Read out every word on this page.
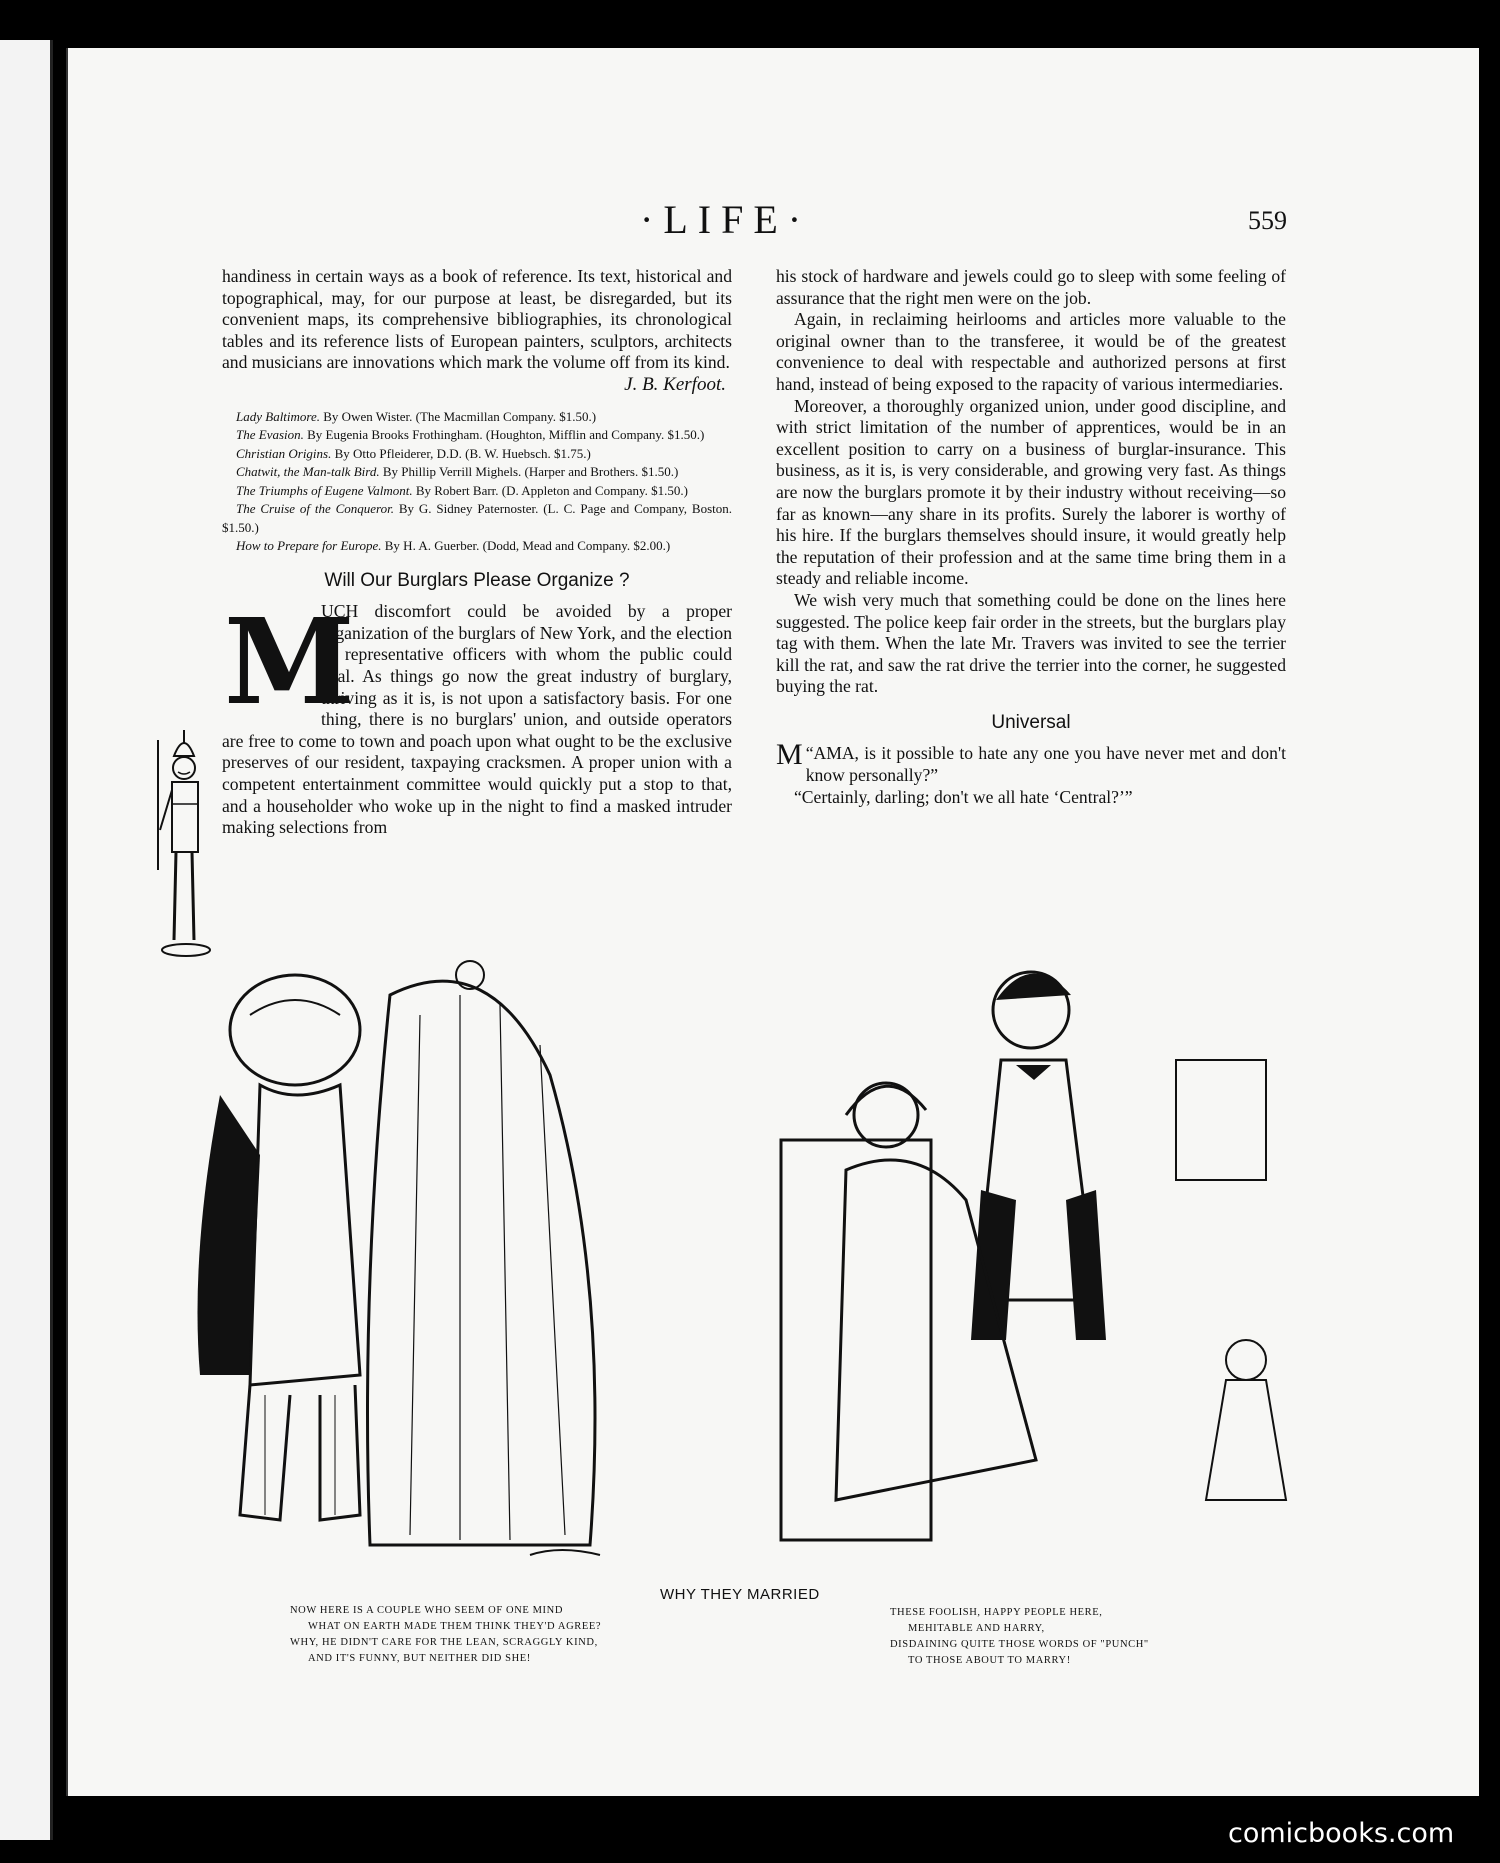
·LIFE·	559

handiness in certain ways as a book of reference. Its text, historical and topographical, may, for our purpose at least, be disregarded, but its convenient maps, its comprehensive bibliographies, its chronological tables and its reference lists of European painters, sculptors, architects and musicians are innovations which mark the volume off from its kind.

J. B. Kerfoot.

Lady Baltimore. By Owen Wister. (The Macmillan Company. $1.50.)
The Evasion. By Eugenia Brooks Frothingham. (Houghton, Mifflin and Company. $1.50.)
Christian Origins. By Otto Pfleiderer, D.D. (B. W. Huebsch. $1.75.)
Chatwit, the Man-talk Bird. By Phillip Verrill Mighels. (Harper and Brothers. $1.50.)
The Triumphs of Eugene Valmont. By Robert Barr. (D. Appleton and Company. $1.50.)
The Cruise of the Conqueror. By G. Sidney Paternoster. (L. C. Page and Company, Boston. $1.50.)
How to Prepare for Europe. By H. A. Guerber. (Dodd, Mead and Company. $2.00.)
Will Our Burglars Please Organize ?
M

UCH discomfort could be avoided by a proper organization of the burglars of New York, and the election of representative officers with whom the public could deal. As things go now the great industry of burglary, thriving as it is, is not upon a satisfactory basis. For one thing, there is no burglars' union, and outside operators are free to come to town and poach upon what ought to be the exclusive preserves of our resident, taxpaying cracksmen. A proper union with a competent entertainment committee would quickly put a stop to that, and a householder who woke up in the night to find a masked intruder making selections from

his stock of hardware and jewels could go to sleep with some feeling of assurance that the right men were on the job.

Again, in reclaiming heirlooms and articles more valuable to the original owner than to the transferee, it would be of the greatest convenience to deal with respectable and authorized persons at first hand, instead of being exposed to the rapacity of various intermediaries.

Moreover, a thoroughly organized union, under good discipline, and with strict limitation of the number of apprentices, would be in an excellent position to carry on a business of burglar-insurance. This business, as it is, is very considerable, and growing very fast. As things are now the burglars promote it by their industry without receiving—so far as known—any share in its profits. Surely the laborer is worthy of his hire. If the burglars themselves should insure, it would greatly help the reputation of their profession and at the same time bring them in a steady and reliable income.

We wish very much that something could be done on the lines here suggested. The police keep fair order in the streets, but the burglars play tag with them. When the late Mr. Travers was invited to see the terrier kill the rat, and saw the rat drive the terrier into the corner, he suggested buying the rat.

Universal

“
M AMA, is it possible to hate any one you have never met and don't know personally?”

“Certainly, darling; don't we all hate ‘Central?’”

WHY THEY MARRIED
NOW HERE IS A COUPLE WHO SEEM OF ONE MIND
WHAT ON EARTH MADE THEM THINK THEY'D AGREE?
WHY, HE DIDN'T CARE FOR THE LEAN, SCRAGGLY KIND,
AND IT'S FUNNY, BUT NEITHER DID SHE!
THESE FOOLISH, HAPPY PEOPLE HERE,
MEHITABLE AND HARRY,
DISDAINING QUITE THOSE WORDS OF "PUNCH"
TO THOSE ABOUT TO MARRY!
comicbooks.com
